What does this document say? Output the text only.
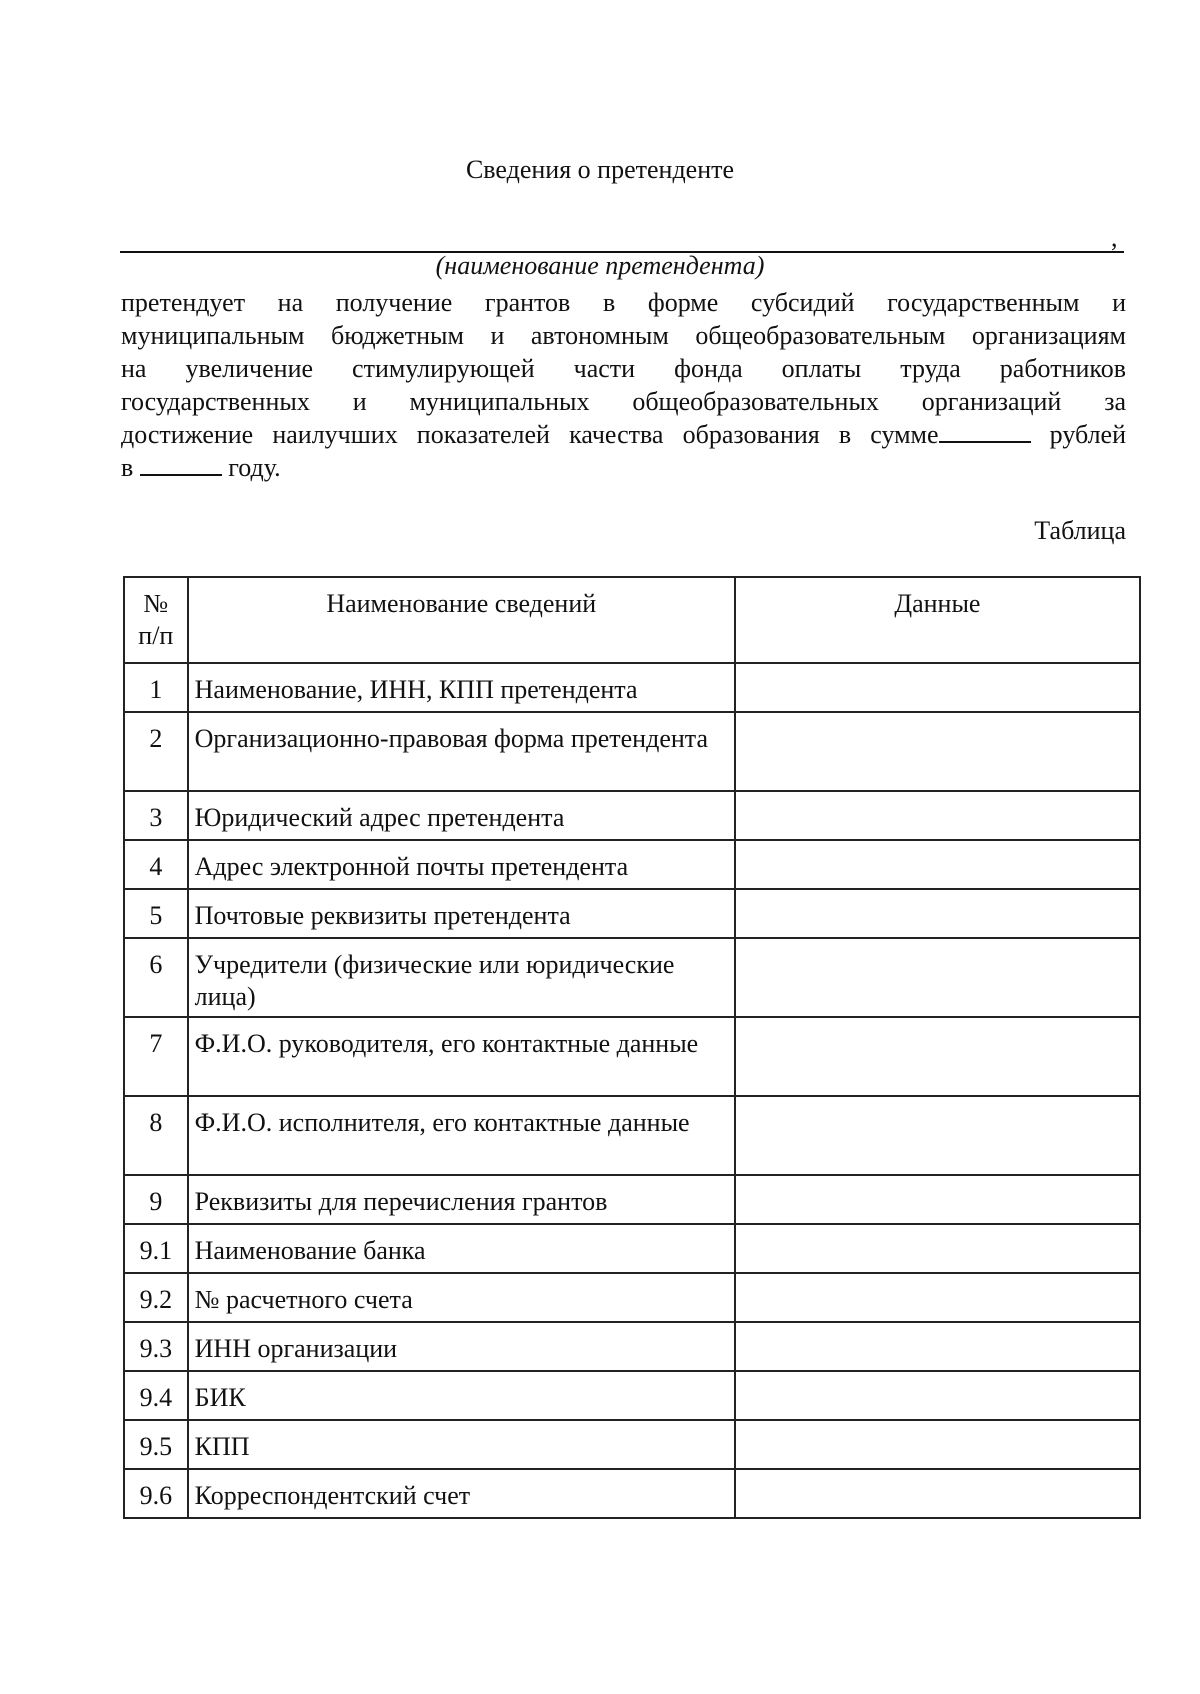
Сведения о претенденте
,
(наименование претендента)
претендует на получение грантов в форме субсидий государственным и
муниципальным бюджетным и автономным общеобразовательным организациям
на увеличение стимулирующей части фонда оплаты труда работников
государственных и муниципальных общеобразовательных организаций за
достижение наилучших показателей качества образования в сумме	рублей
в	году.
Таблица
№
п/п	Наименование сведений	Данные
1	Наименование, ИНН, КПП претендента	
2	Организационно-правовая форма претендента	
3	Юридический адрес претендента	
4	Адрес электронной почты претендента	
5	Почтовые реквизиты претендента	
6	Учредители (физические или юридические лица)	
7	Ф.И.О. руководителя, его контактные данные	
8	Ф.И.О. исполнителя, его контактные данные	
9	Реквизиты для перечисления грантов	
9.1	Наименование банка	
9.2	№ расчетного счета	
9.3	ИНН организации	
9.4	БИК	
9.5	КПП	
9.6	Корреспондентский счет	
